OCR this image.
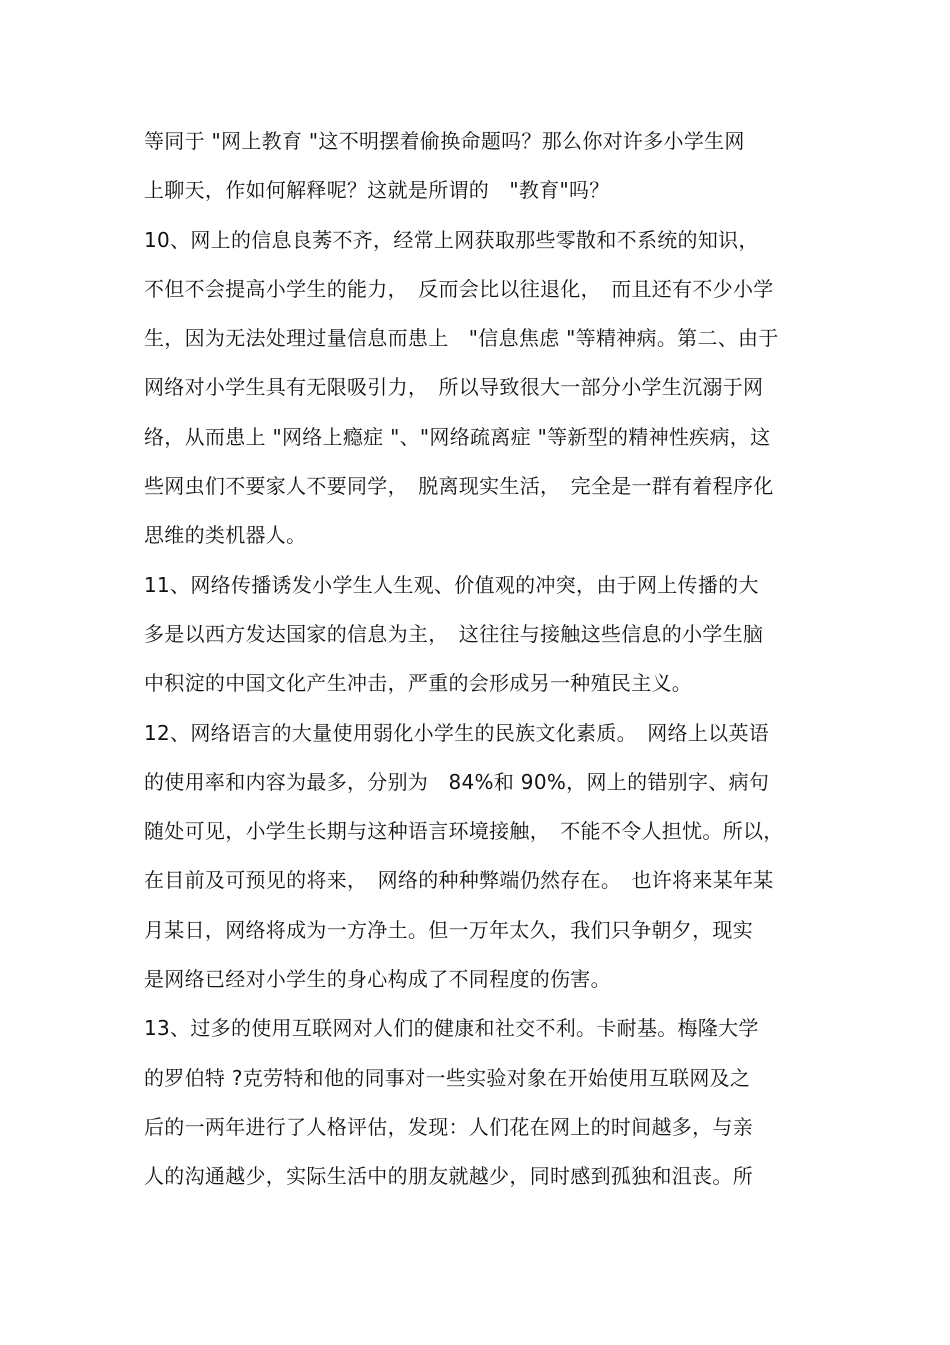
等同于 "网上教育 "这不明摆着偷换命题吗？那么你对许多小学生网
上聊天，作如何解释呢？这就是所谓的　"教育"吗？
10、网上的信息良莠不齐，经常上网获取那些零散和不系统的知识，
不但不会提高小学生的能力，　反而会比以往退化，　而且还有不少小学
生，因为无法处理过量信息而患上　"信息焦虑 "等精神病。第二、由于
网络对小学生具有无限吸引力，　所以导致很大一部分小学生沉溺于网
络，从而患上 "网络上瘾症 "、"网络疏离症 "等新型的精神性疾病，这
些网虫们不要家人不要同学，　脱离现实生活，　完全是一群有着程序化
思维的类机器人。
11、网络传播诱发小学生人生观、价值观的冲突，由于网上传播的大
多是以西方发达国家的信息为主，　这往往与接触这些信息的小学生脑
中积淀的中国文化产生冲击，严重的会形成另一种殖民主义。
12、网络语言的大量使用弱化小学生的民族文化素质。　网络上以英语
的使用率和内容为最多，分别为　84%和 90%，网上的错别字、病句
随处可见，小学生长期与这种语言环境接触，　不能不令人担忧。所以，
在目前及可预见的将来，　网络的种种弊端仍然存在。　也许将来某年某
月某日，网络将成为一方净土。但一万年太久，我们只争朝夕，现实
是网络已经对小学生的身心构成了不同程度的伤害。
13、过多的使用互联网对人们的健康和社交不利。卡耐基。梅隆大学
的罗伯特 ?克劳特和他的同事对一些实验对象在开始使用互联网及之
后的一两年进行了人格评估，发现：人们花在网上的时间越多，与亲
人的沟通越少，实际生活中的朋友就越少，同时感到孤独和沮丧。所
